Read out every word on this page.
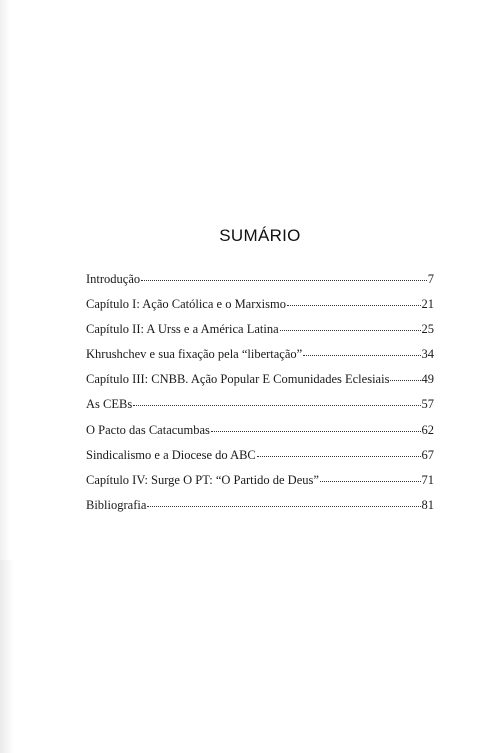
SUMÁRIO
Introdução	7
Capítulo I: Ação Católica e o Marxismo	21
Capítulo II: A Urss e a América Latina	25
Khrushchev e sua fixação pela “libertação”	34
Capítulo III: CNBB. Ação Popular E Comunidades Eclesiais	49
As CEBs	57
O Pacto das Catacumbas	62
Sindicalismo e a Diocese do ABC	67
Capítulo IV: Surge O PT: “O Partido de Deus”	71
Bibliografia	81
